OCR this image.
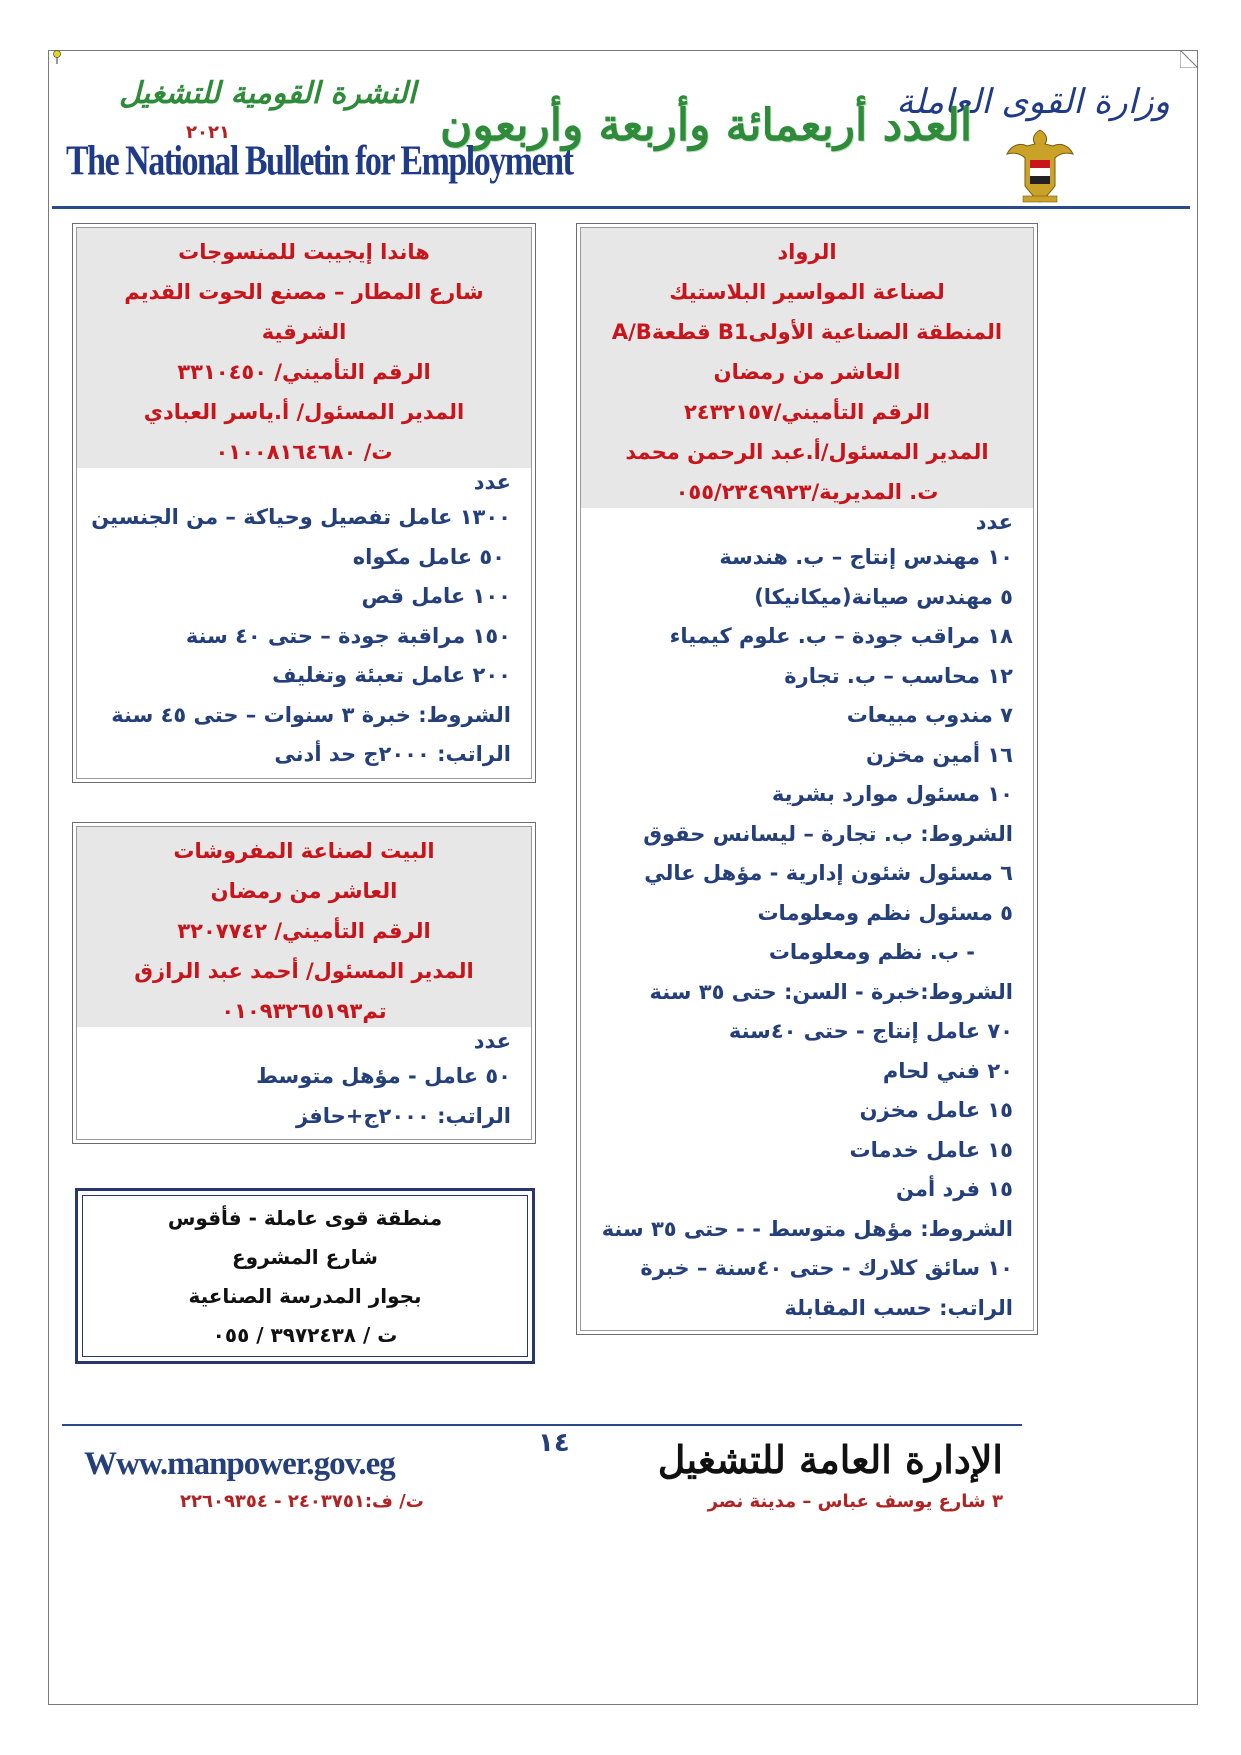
وزارة القوى العاملة
العدد أربعمائة وأربعة وأربعون
النشرة القومية للتشغيل
٢٠٢١
The National Bulletin for Employment
الرواد
لصناعة المواسير البلاستيك
المنطقة الصناعية الأولىB1 قطعةA/B
العاشر من رمضان
الرقم التأميني/٢٤٣٢١٥٧
المدير المسئول/أ.عبد الرحمن محمد
ت. المديرية/٠٥٥/٢٣٤٩٩٢٣
عدد
١٠ مهندس إنتاج – ب. هندسة
٥ مهندس صيانة(ميكانيكا)
١٨ مراقب جودة – ب. علوم كيمياء
١٢ محاسب – ب. تجارة
٧ مندوب مبيعات
١٦ أمين مخزن
١٠ مسئول موارد بشرية
الشروط: ب. تجارة – ليسانس حقوق
٦ مسئول شئون إدارية - مؤهل عالي
٥ مسئول نظم ومعلومات
- ب. نظم ومعلومات
الشروط:خبرة - السن: حتى ٣٥ سنة
٧٠ عامل إنتاج - حتى ٤٠سنة
٢٠ فني لحام
١٥ عامل مخزن
١٥ عامل خدمات
١٥ فرد أمن
الشروط: مؤهل متوسط - - حتى ٣٥ سنة
١٠ سائق كلارك - حتى ٤٠سنة – خبرة
الراتب: حسب المقابلة
هاندا إيجيبت للمنسوجات
شارع المطار – مصنع الحوت القديم
الشرقية
الرقم التأميني/ ٣٣١٠٤٥٠
المدير المسئول/ أ.ياسر العبادي
ت/ ٠١٠٠٨١٦٤٦٨٠
عدد
١٣٠٠ عامل تفصيل وحياكة – من الجنسين
٥٠ عامل مكواه
١٠٠ عامل قص
١٥٠ مراقبة جودة – حتى ٤٠ سنة
٢٠٠ عامل تعبئة وتغليف
الشروط: خبرة ٣ سنوات – حتى ٤٥ سنة
الراتب: ٢٠٠٠ج حد أدنى
البيت لصناعة المفروشات
العاشر من رمضان
الرقم التأميني/ ٣٢٠٧٧٤٢
المدير المسئول/ أحمد عبد الرازق
تم٠١٠٩٣٢٦٥١٩٣
عدد
٥٠ عامل - مؤهل متوسط
الراتب: ٢٠٠٠ج+حافز
منطقة قوى عاملة - فأقوس
شارع المشروع
بجوار المدرسة الصناعية
ت / ٣٩٧٢٤٣٨ / ٠٥٥
١٤
Www.manpower.gov.eg
ت/ ف:٢٤٠٣٧٥١ - ٢٢٦٠٩٣٥٤
الإدارة العامة للتشغيل
٣ شارع يوسف عباس – مدينة نصر
